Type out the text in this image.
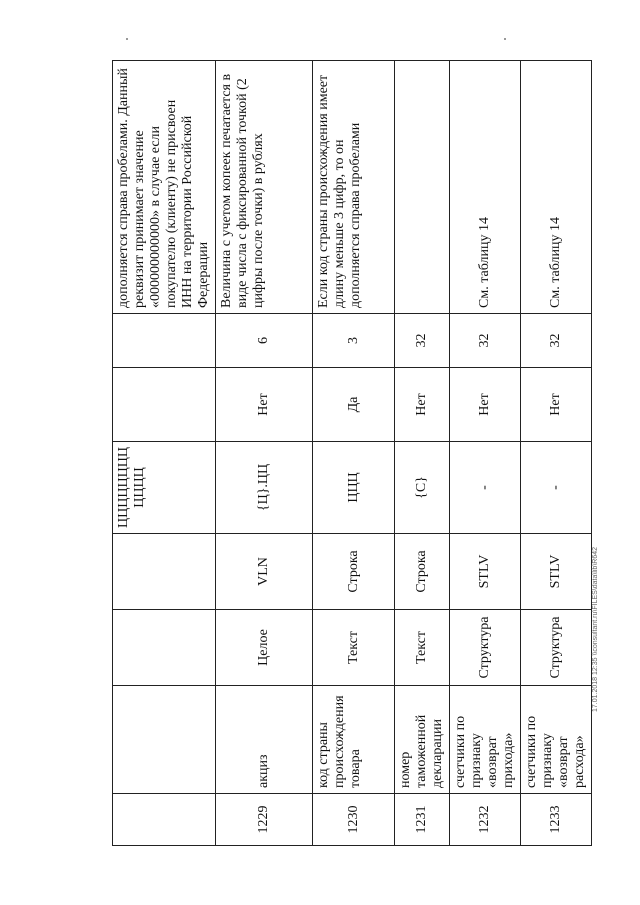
				ЦЦЦЦЦЦЦЦЦЦЦЦ			дополняется справа пробелами. Данный реквизит принимает значение «000000000000» в случае если покупателю (клиенту) не присвоен ИНН на территории Российской Федерации
1229	акциз	Целое	VLN	{Ц}.ЦЦ	Нет	6	Величина с учетом копеек печатается в виде числа с фиксированной точкой (2 цифры после точки) в рублях
1230	код страны происхождения товара	Текст	Строка	ЦЦЦ	Да	3	Если код страны происхождения имеет длину меньше 3 цифр, то он дополняется справа пробелами
1231	номер таможенной декларации	Текст	Строка	{С}	Нет	32	
1232	счетчики по признаку «возврат прихода»	Структура	STLV	-	Нет	32	См. таблицу 14
1233	счетчики по признаку «возврат расхода»	Структура	STLV	-	Нет	32	См. таблицу 14
17.01.2018 12:35 \\consultant.ru\FILES\data\lib\R642
